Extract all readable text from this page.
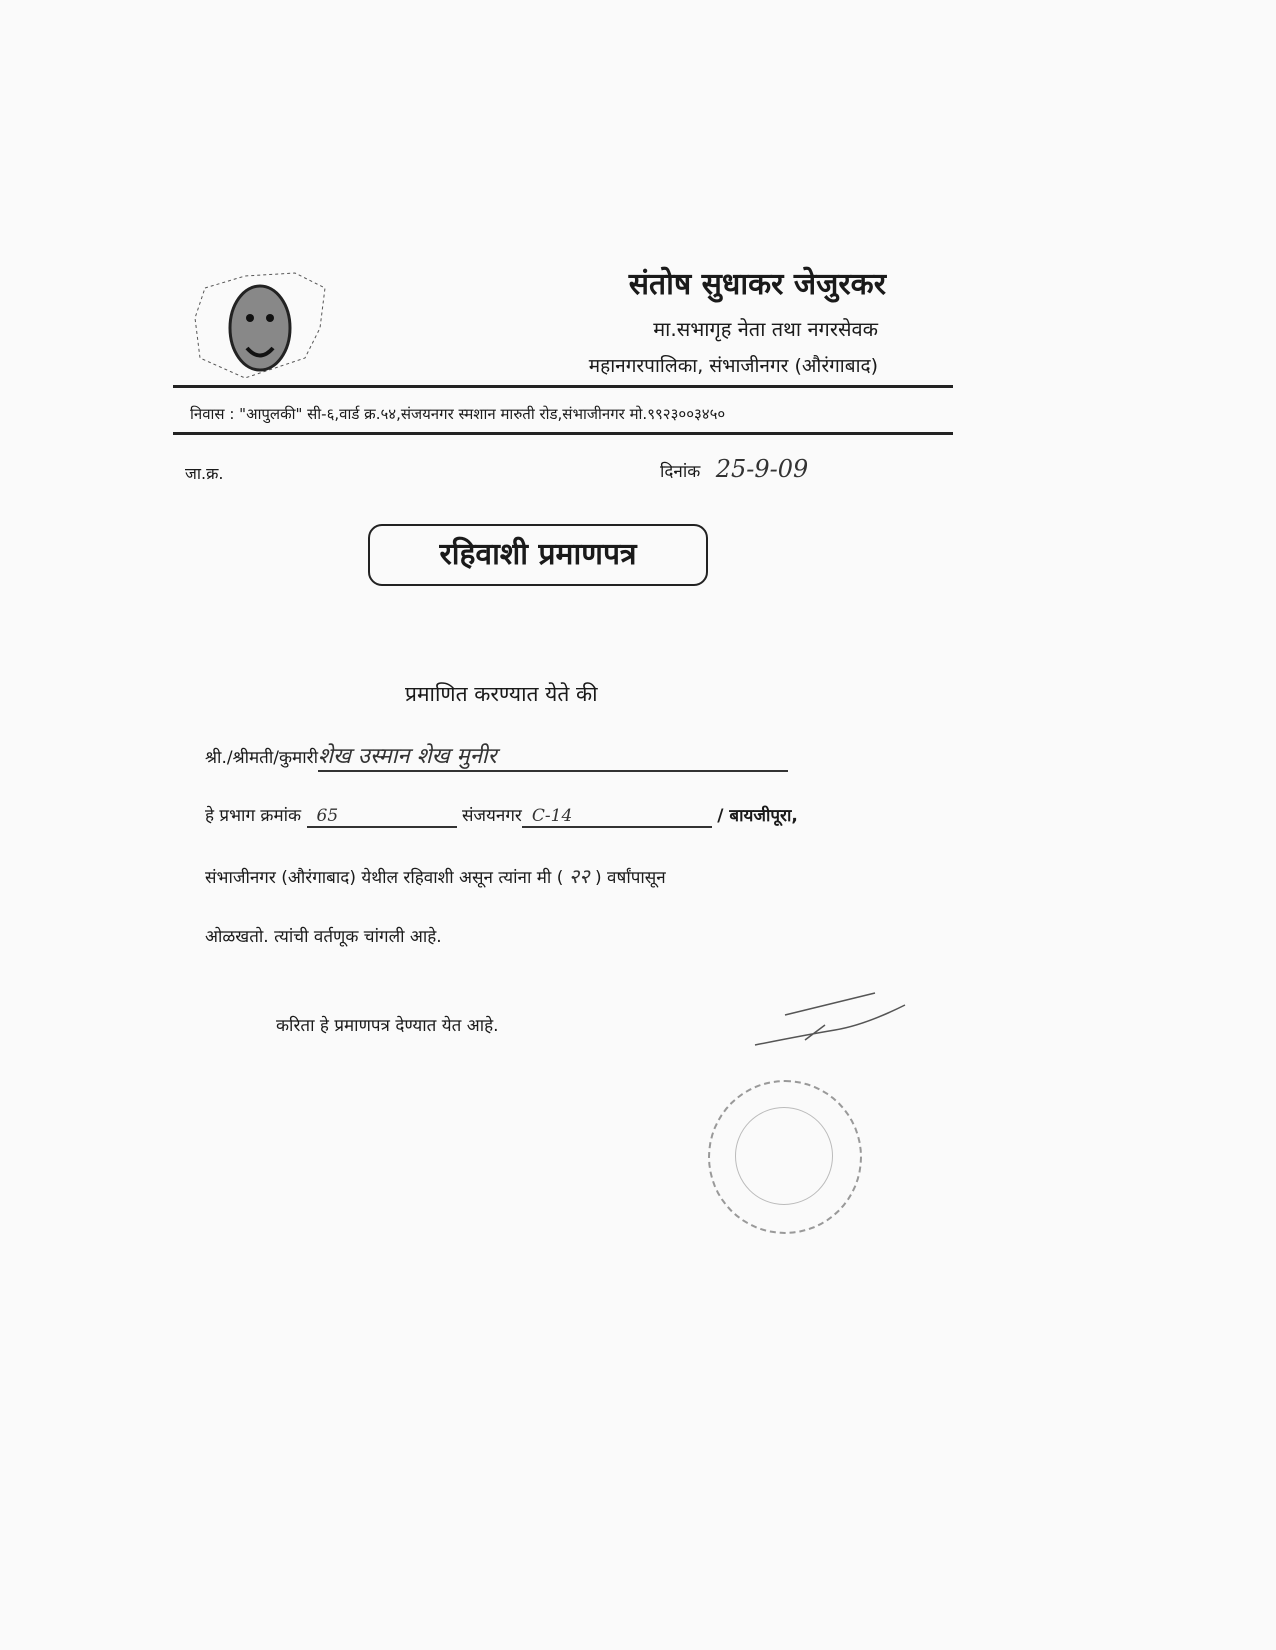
संतोष सुधाकर जेजुरकर
मा.सभागृह नेता तथा नगरसेवक
महानगरपालिका, संभाजीनगर (औरंगाबाद)
निवास : "आपुलकी" सी-६,वार्ड क्र.५४,संजयनगर स्मशान मारुती रोड,संभाजीनगर मो.९९२३००३४५०
जा.क्र.	दिनांक 25-9-09
रहिवाशी प्रमाणपत्र
प्रमाणित करण्यात येते की
श्री./श्रीमती/कुमारीशेख उस्मान शेख मुनीर
हे प्रभाग क्रमांक 65	संजयनगर C-14	/ बायजीपूरा,
संभाजीनगर (औरंगाबाद) येथील रहिवाशी असून त्यांना मी ( २२ ) वर्षांपासून
ओळखतो. त्यांची वर्तणूक चांगली आहे.
करिता हे प्रमाणपत्र देण्यात येत आहे.
